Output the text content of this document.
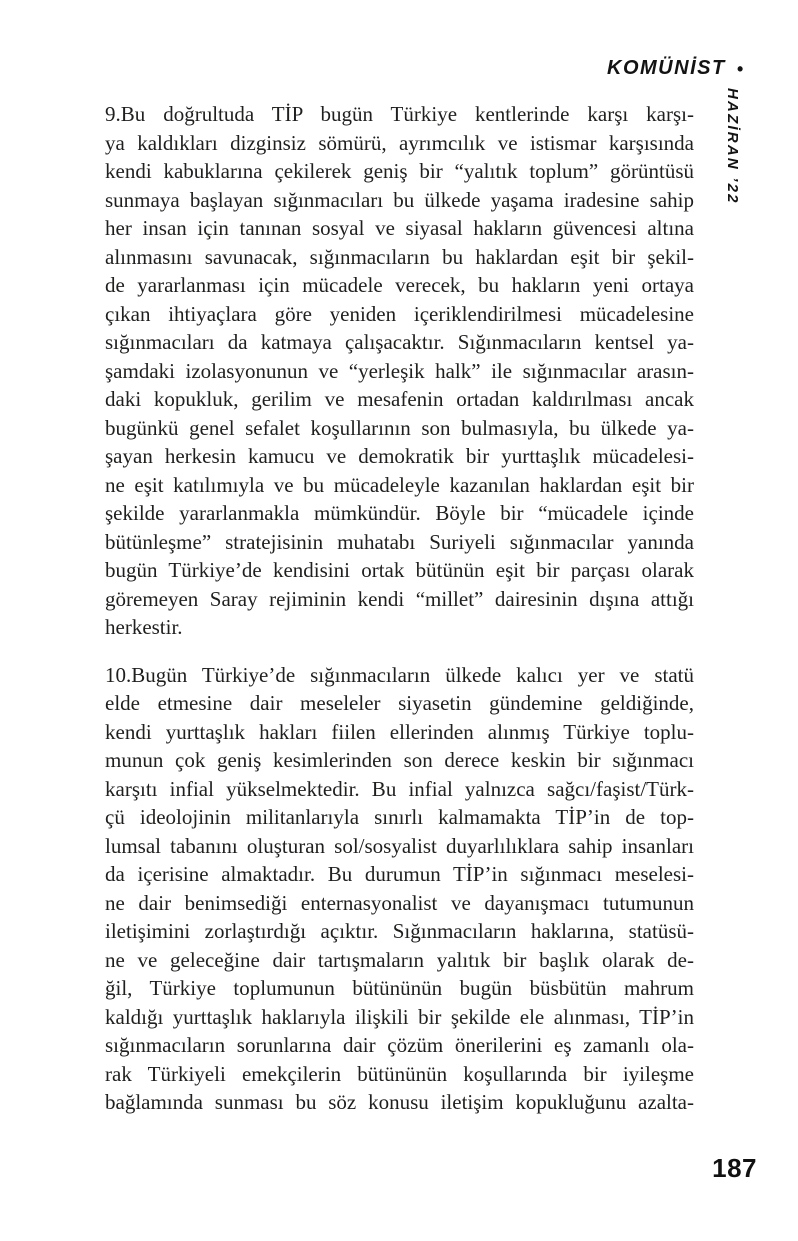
KOMÜNİST •
HAZİRAN ’22
9.Bu doğrultuda TİP bugün Türkiye kentlerinde karşı karşı-
ya kaldıkları dizginsiz sömürü, ayrımcılık ve istismar karşısında
kendi kabuklarına çekilerek geniş bir “yalıtık toplum” görüntüsü
sunmaya başlayan sığınmacıları bu ülkede yaşama iradesine sahip
her insan için tanınan sosyal ve siyasal hakların güvencesi altına
alınmasını savunacak, sığınmacıların bu haklardan eşit bir şekil-
de yararlanması için mücadele verecek, bu hakların yeni ortaya
çıkan ihtiyaçlara göre yeniden içeriklendirilmesi mücadelesine
sığınmacıları da katmaya çalışacaktır. Sığınmacıların kentsel ya-
şamdaki izolasyonunun ve “yerleşik halk” ile sığınmacılar arasın-
daki kopukluk, gerilim ve mesafenin ortadan kaldırılması ancak
bugünkü genel sefalet koşullarının son bulmasıyla, bu ülkede ya-
şayan herkesin kamucu ve demokratik bir yurttaşlık mücadelesi-
ne eşit katılımıyla ve bu mücadeleyle kazanılan haklardan eşit bir
şekilde yararlanmakla mümkündür. Böyle bir “mücadele içinde
bütünleşme” stratejisinin muhatabı Suriyeli sığınmacılar yanında
bugün Türkiye’de kendisini ortak bütünün eşit bir parçası olarak
göremeyen Saray rejiminin kendi “millet” dairesinin dışına attığı
herkestir.
10.Bugün Türkiye’de sığınmacıların ülkede kalıcı yer ve statü
elde etmesine dair meseleler siyasetin gündemine geldiğinde,
kendi yurttaşlık hakları fiilen ellerinden alınmış Türkiye toplu-
munun çok geniş kesimlerinden son derece keskin bir sığınmacı
karşıtı infial yükselmektedir. Bu infial yalnızca sağcı/faşist/Türk-
çü ideolojinin militanlarıyla sınırlı kalmamakta TİP’in de top-
lumsal tabanını oluşturan sol/sosyalist duyarlılıklara sahip insanları
da içerisine almaktadır. Bu durumun TİP’in sığınmacı meselesi-
ne dair benimsediği enternasyonalist ve dayanışmacı tutumunun
iletişimini zorlaştırdığı açıktır. Sığınmacıların haklarına, statüsü-
ne ve geleceğine dair tartışmaların yalıtık bir başlık olarak de-
ğil, Türkiye toplumunun bütününün bugün büsbütün mahrum
kaldığı yurttaşlık haklarıyla ilişkili bir şekilde ele alınması, TİP’in
sığınmacıların sorunlarına dair çözüm önerilerini eş zamanlı ola-
rak Türkiyeli emekçilerin bütününün koşullarında bir iyileşme
bağlamında sunması bu söz konusu iletişim kopukluğunu azalta-
187
